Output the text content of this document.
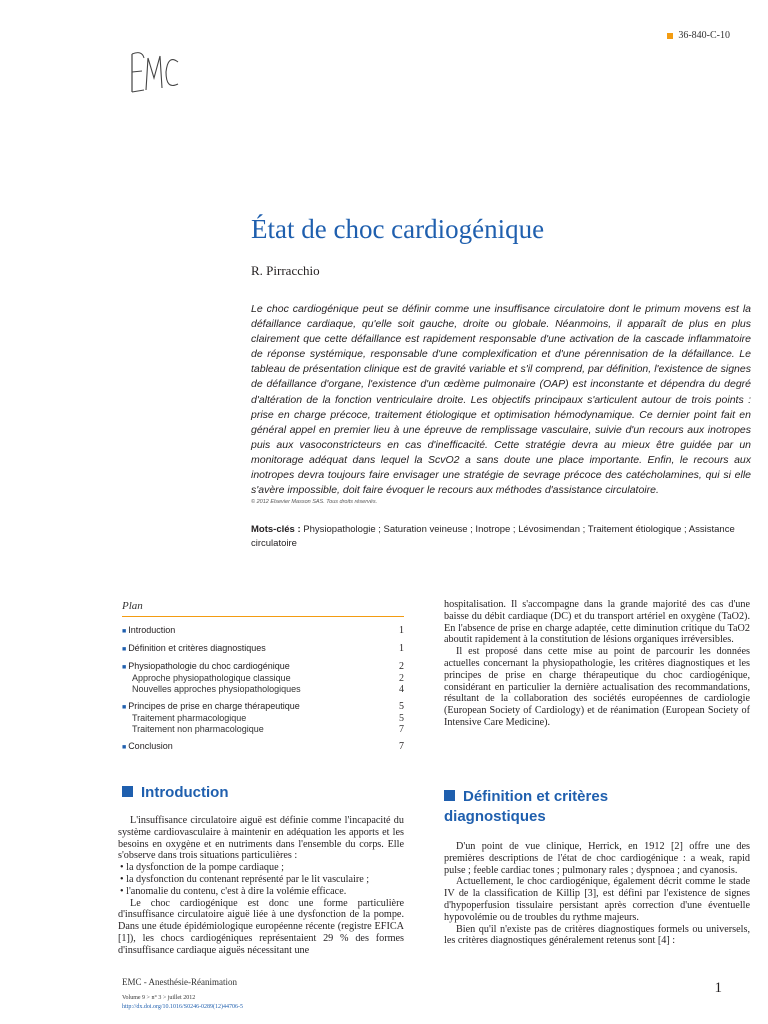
36-840-C-10
État de choc cardiogénique
R. Pirracchio
Le choc cardiogénique peut se définir comme une insuffisance circulatoire dont le primum movens est la défaillance cardiaque, qu'elle soit gauche, droite ou globale. Néanmoins, il apparaît de plus en plus clairement que cette défaillance est rapidement responsable d'une activation de la cascade inflammatoire de réponse systémique, responsable d'une complexification et d'une pérennisation de la défaillance. Le tableau de présentation clinique est de gravité variable et s'il comprend, par définition, l'existence de signes de défaillance d'organe, l'existence d'un œdème pulmonaire (OAP) est inconstante et dépendra du degré d'altération de la fonction ventriculaire droite. Les objectifs principaux s'articulent autour de trois points : prise en charge précoce, traitement étiologique et optimisation hémodynamique. Ce dernier point fait en général appel en premier lieu à une épreuve de remplissage vasculaire, suivie d'un recours aux inotropes puis aux vasoconstricteurs en cas d'inefficacité. Cette stratégie devra au mieux être guidée par un monitorage adéquat dans lequel la ScvO2 a sans doute une place importante. Enfin, le recours aux inotropes devra toujours faire envisager une stratégie de sevrage précoce des catécholamines, qui si elle s'avère impossible, doit faire évoquer le recours aux méthodes d'assistance circulatoire.
© 2012 Elsevier Masson SAS. Tous droits réservés.
Mots-clés : Physiopathologie ; Saturation veineuse ; Inotrope ; Lévosimendan ; Traitement étiologique ; Assistance circulatoire
Plan
■ Introduction	1
■ Définition et critères diagnostiques	1
■ Physiopathologie du choc cardiogénique	2
Approche physiopathologique classique	2
Nouvelles approches physiopathologiques	4
■ Principes de prise en charge thérapeutique	5
Traitement pharmacologique	5
Traitement non pharmacologique	7
■ Conclusion	7

hospitalisation. Il s'accompagne dans la grande majorité des cas d'une baisse du débit cardiaque (DC) et du transport artériel en oxygène (TaO2). En l'absence de prise en charge adaptée, cette diminution critique du TaO2 aboutit rapidement à la constitution de lésions organiques irréversibles.

Il est proposé dans cette mise au point de parcourir les données actuelles concernant la physiopathologie, les critères diagnostiques et les principes de prise en charge thérapeutique du choc cardiogénique, considérant en particulier la dernière actualisation des recommandations, résultant de la collaboration des sociétés européennes de cardiologie (European Society of Cardiology) et de réanimation (European Society of Intensive Care Medicine).

Introduction

L'insuffisance circulatoire aiguë est définie comme l'incapacité du système cardiovasculaire à maintenir en adéquation les apports et les besoins en oxygène et en nutriments dans l'ensemble du corps. Elle s'observe dans trois situations particulières :

• la dysfonction de la pompe cardiaque ;
• la dysfonction du contenant représenté par le lit vasculaire ;
• l'anomalie du contenu, c'est à dire la volémie efficace.

Le choc cardiogénique est donc une forme particulière d'insuffisance circulatoire aiguë liée à une dysfonction de la pompe. Dans une étude épidémiologique européenne récente (registre EFICA [1]), les chocs cardiogéniques représentaient 29 % des formes d'insuffisance cardiaque aiguës nécessitant une

Définition et critères
diagnostiques

D'un point de vue clinique, Herrick, en 1912 [2] offre une des premières descriptions de l'état de choc cardiogénique : a weak, rapid pulse ; feeble cardiac tones ; pulmonary rales ; dyspnoea ; and cyanosis.

Actuellement, le choc cardiogénique, également décrit comme le stade IV de la classification de Killip [3], est défini par l'existence de signes d'hypoperfusion tissulaire persistant après correction d'une éventuelle hypovolémie ou de troubles du rythme majeurs.

Bien qu'il n'existe pas de critères diagnostiques formels ou universels, les critères diagnostiques généralement retenus sont [4] :

EMC - Anesthésie-Réanimation
Volume 9 > n° 3 > juillet 2012
http://dx.doi.org/10.1016/S0246-0289(12)44706-5
1
